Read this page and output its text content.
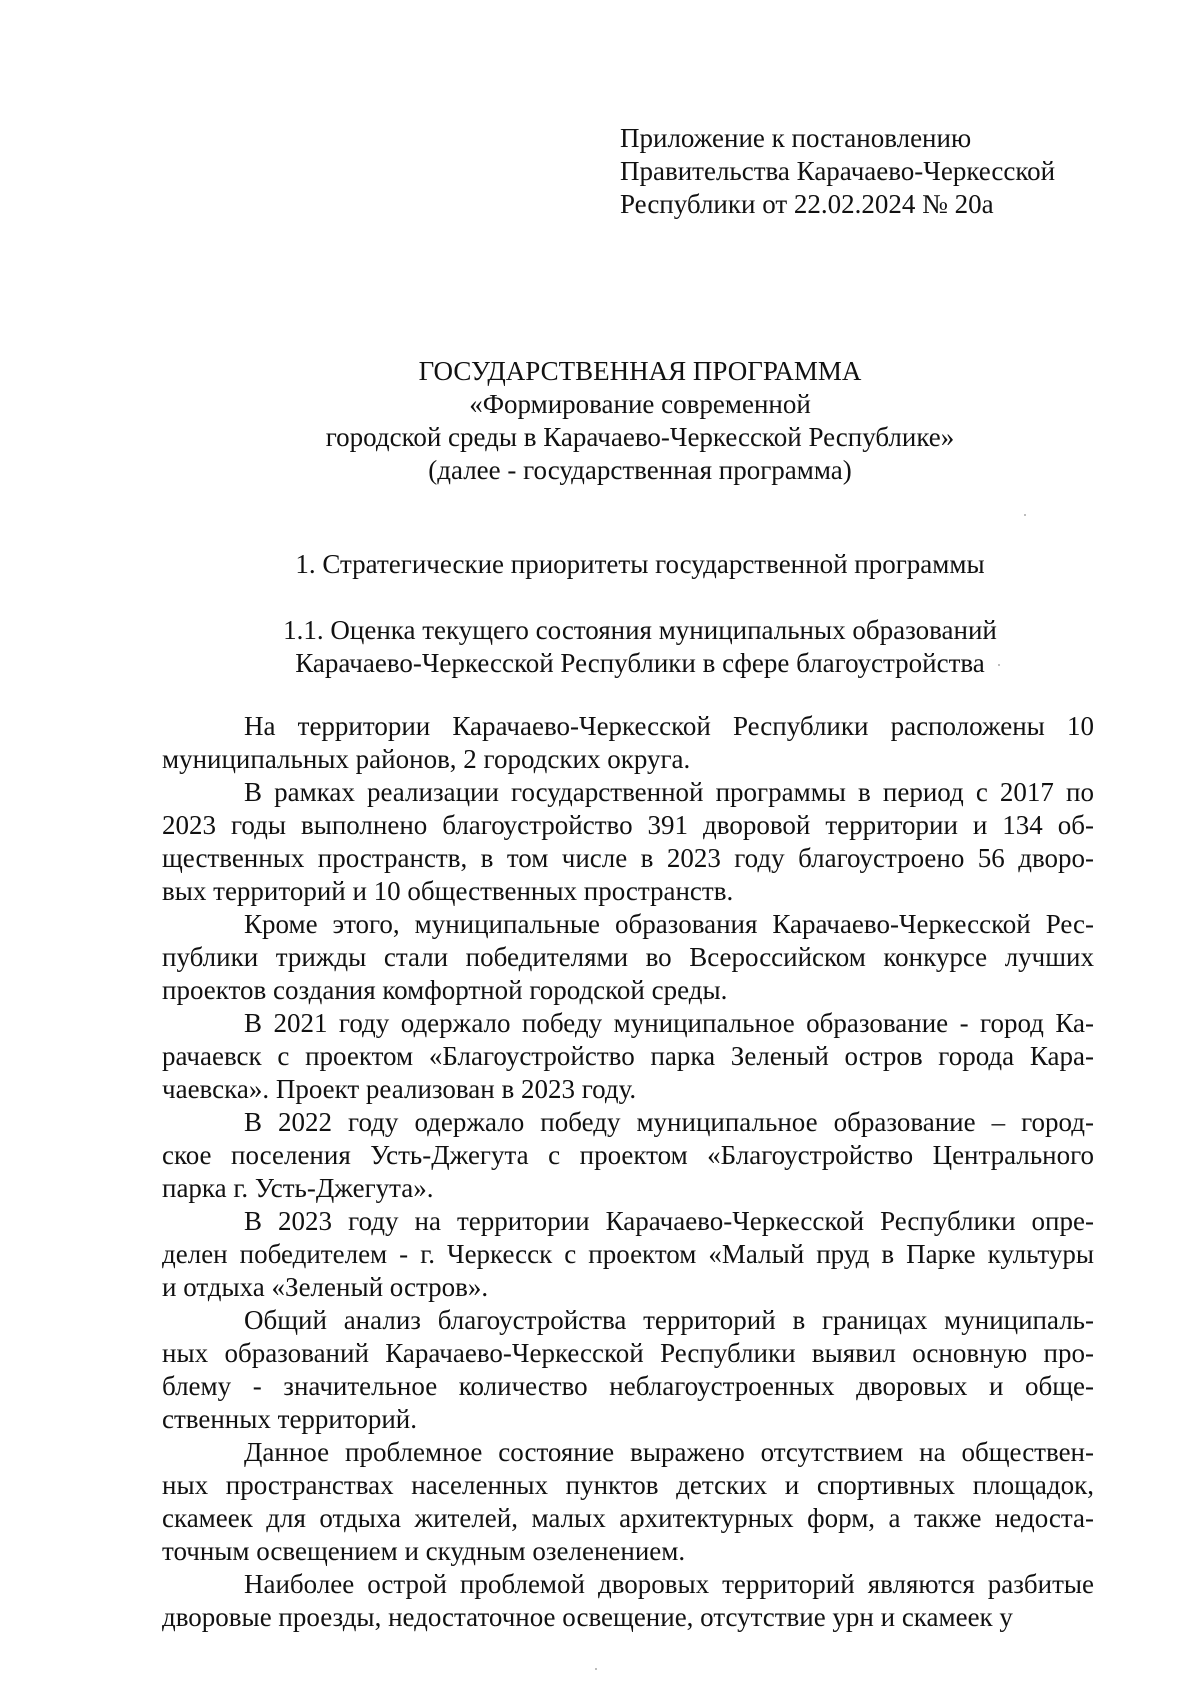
Приложение к постановлению
Правительства Карачаево-Черкесской
Республики от 22.02.2024 № 20а
ГОСУДАРСТВЕННАЯ ПРОГРАММА
«Формирование современной
городской среды в Карачаево-Черкесской Республике»
(далее - государственная программа)
1. Стратегические приоритеты государственной программы
1.1. Оценка текущего состояния муниципальных образований
Карачаево-Черкесской Республики в сфере благоустройства
На территории Карачаево-Черкесской Республики расположены 10
муниципальных районов, 2 городских округа.
В рамках реализации государственной программы в период с 2017 по
2023 годы выполнено благоустройство 391 дворовой территории и 134 об-
щественных пространств, в том числе в 2023 году благоустроено 56 дворо-
вых территорий и 10 общественных пространств.
Кроме этого, муниципальные образования Карачаево-Черкесской Рес-
публики трижды стали победителями во Всероссийском конкурсе лучших
проектов создания комфортной городской среды.
В 2021 году одержало победу муниципальное образование - город Ка-
рачаевск с проектом «Благоустройство парка Зеленый остров города Кара-
чаевска». Проект реализован в 2023 году.
В 2022 году одержало победу муниципальное образование – город-
ское поселения Усть-Джегута с проектом «Благоустройство Центрального
парка г. Усть-Джегута».
В 2023 году на территории Карачаево-Черкесской Республики опре-
делен победителем - г. Черкесск с проектом «Малый пруд в Парке культуры
и отдыха «Зеленый остров».
Общий анализ благоустройства территорий в границах муниципаль-
ных образований Карачаево-Черкесской Республики выявил основную про-
блему - значительное количество неблагоустроенных дворовых и обще-
ственных территорий.
Данное проблемное состояние выражено отсутствием на обществен-
ных пространствах населенных пунктов детских и спортивных площадок,
скамеек для отдыха жителей, малых архитектурных форм, а также недоста-
точным освещением и скудным озеленением.
Наиболее острой проблемой дворовых территорий являются разбитые
дворовые проезды, недостаточное освещение, отсутствие урн и скамеек у
